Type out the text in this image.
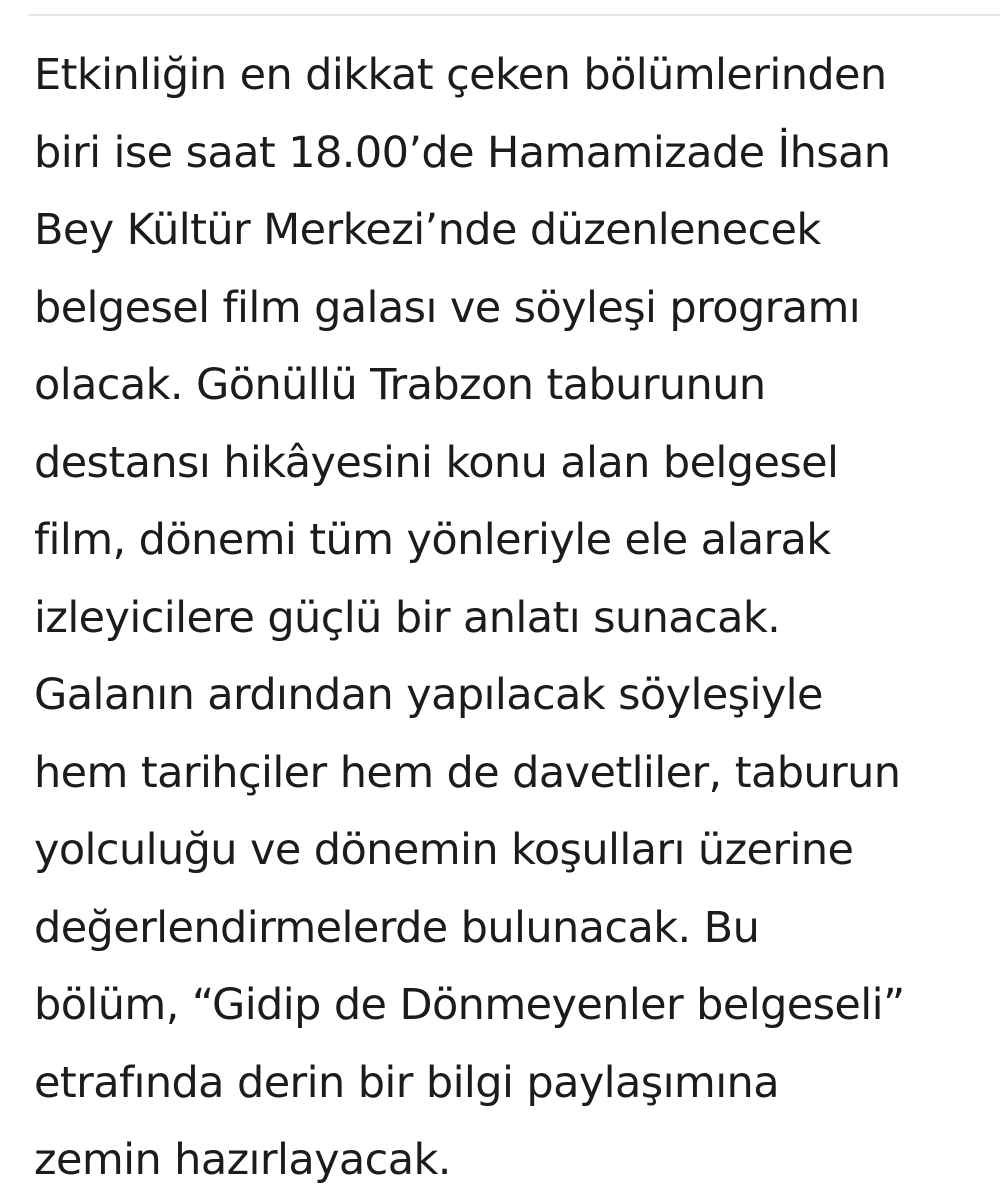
Etkinliğin en dikkat çeken bölümlerinden
biri ise saat 18.00’de Hamamizade İhsan
Bey Kültür Merkezi’nde düzenlenecek
belgesel film galası ve söyleşi programı
olacak. Gönüllü Trabzon taburunun
destansı hikâyesini konu alan belgesel
film, dönemi tüm yönleriyle ele alarak
izleyicilere güçlü bir anlatı sunacak.
Galanın ardından yapılacak söyleşiyle
hem tarihçiler hem de davetliler, taburun
yolculuğu ve dönemin koşulları üzerine
değerlendirmelerde bulunacak. Bu
bölüm, “Gidip de Dönmeyenler belgeseli”
etrafında derin bir bilgi paylaşımına
zemin hazırlayacak.
